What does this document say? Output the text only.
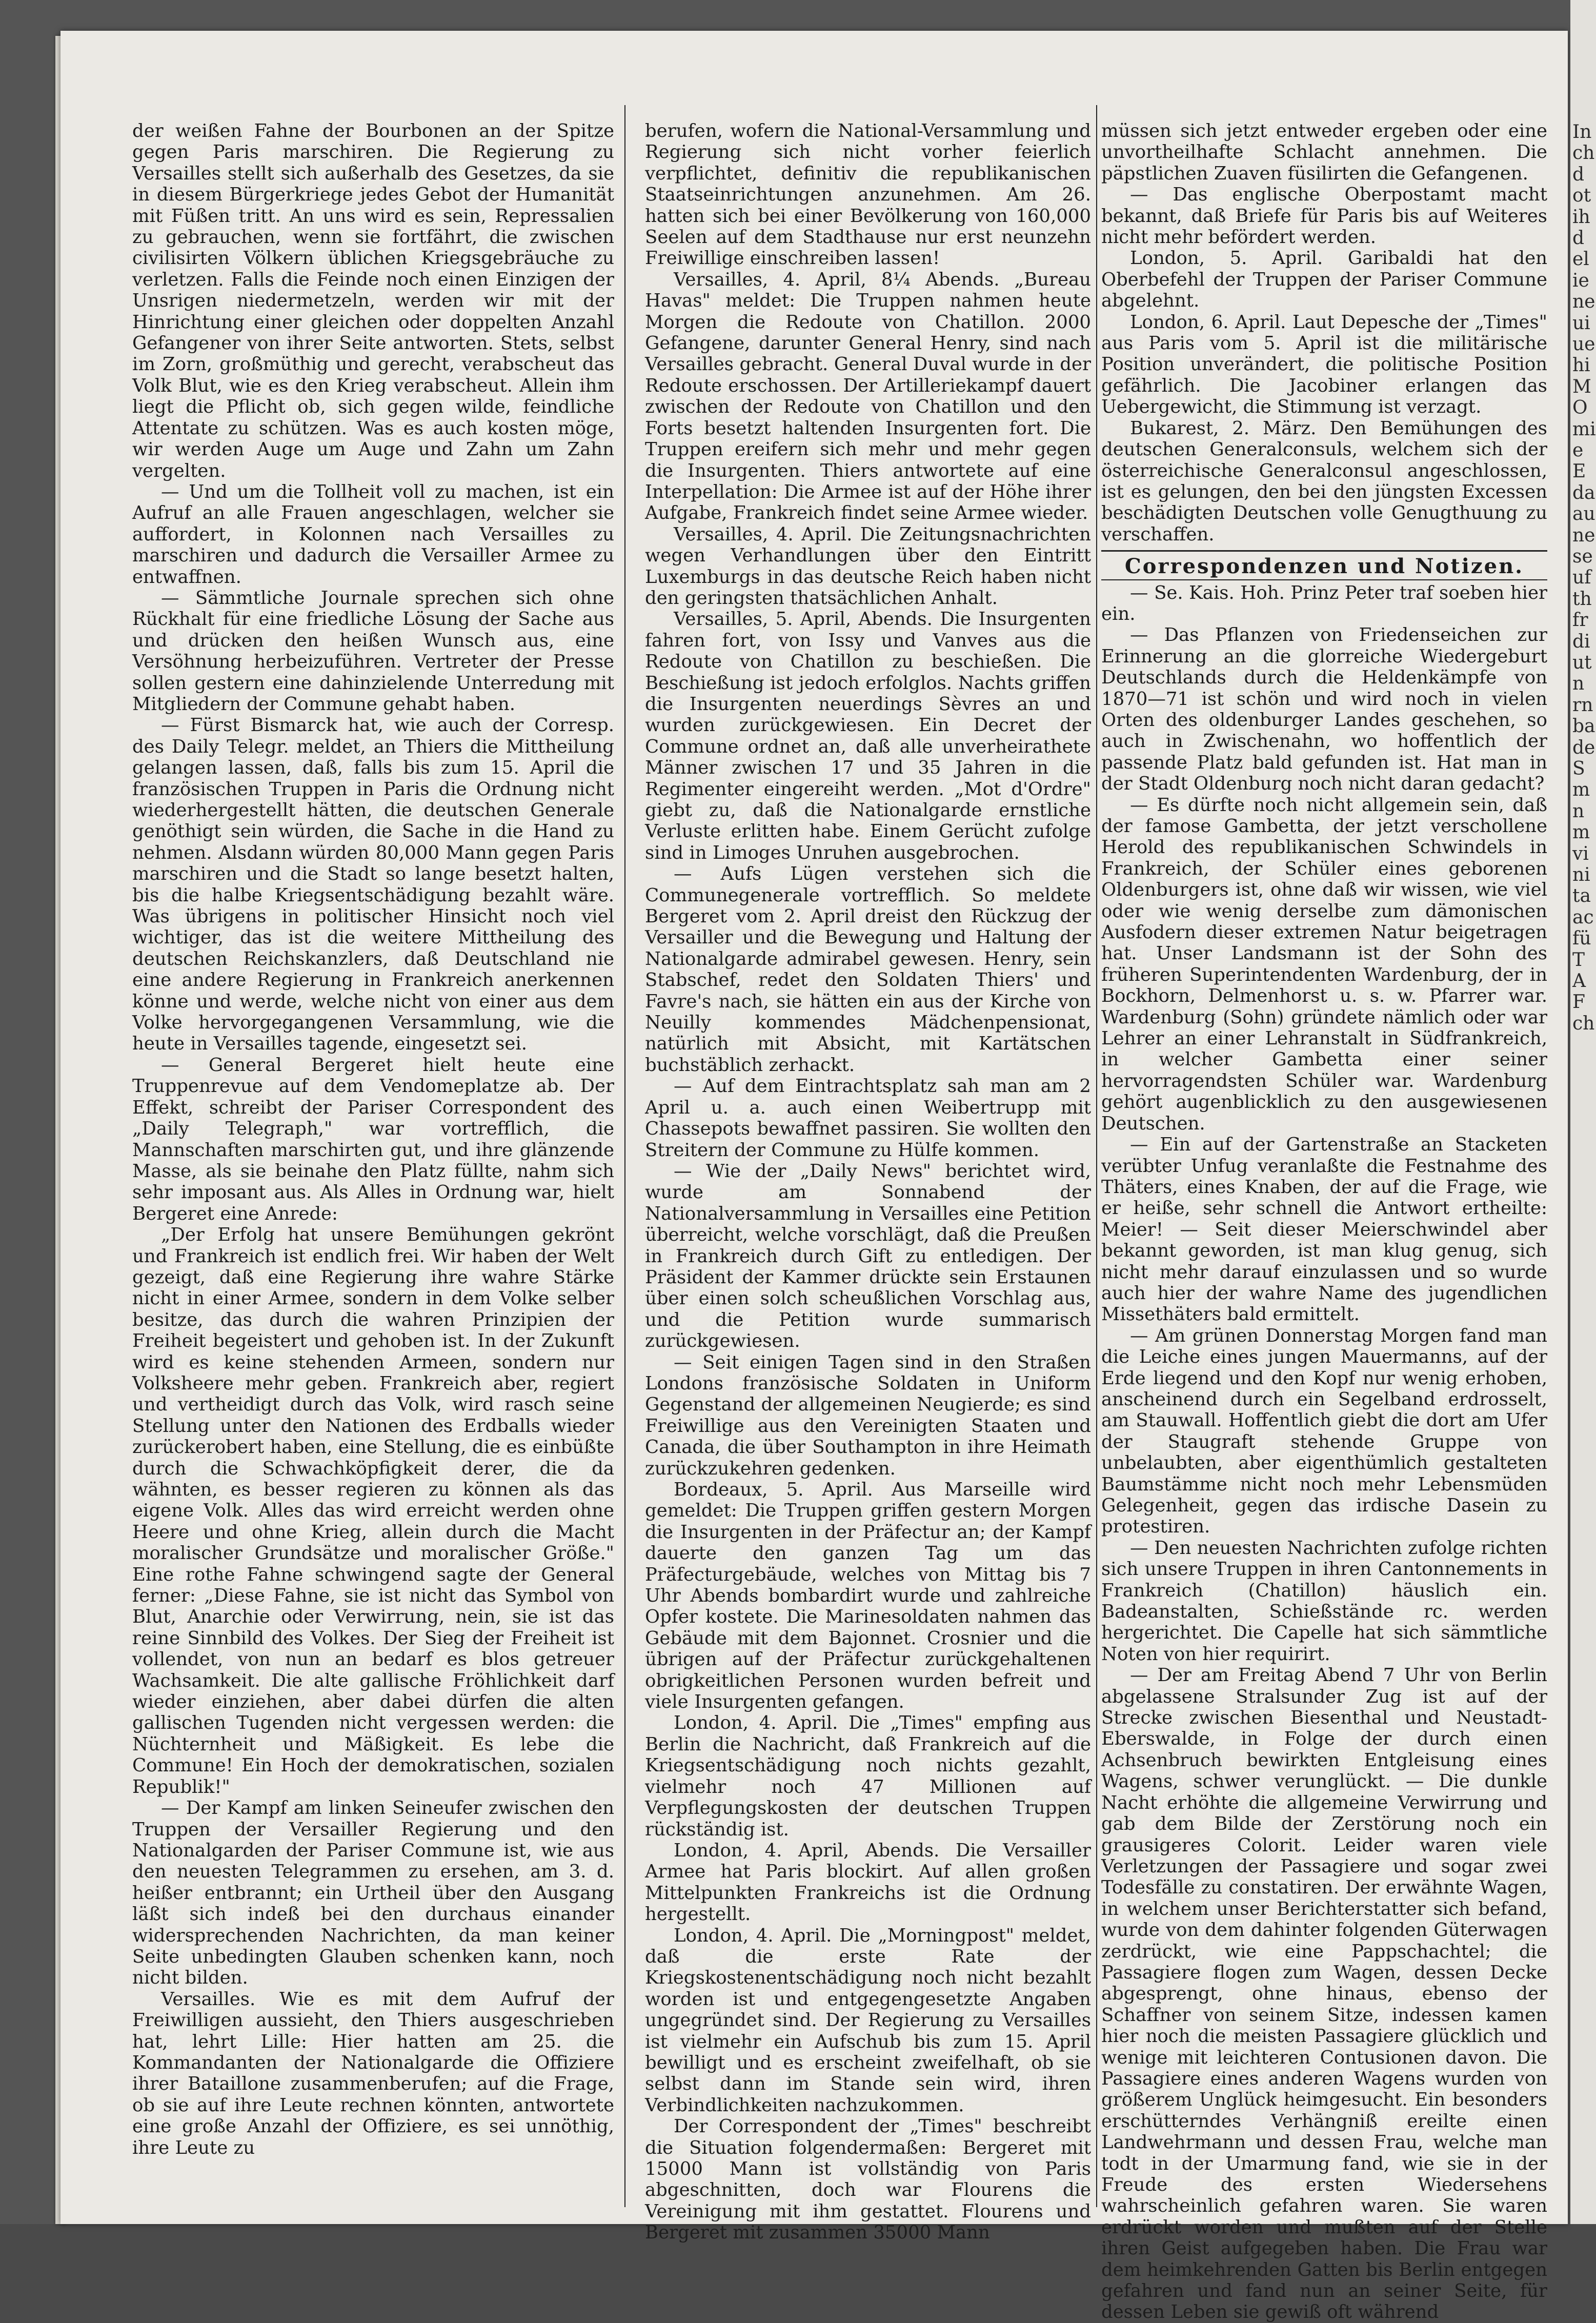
In
ch
d
ot
ih
d
el
ie
ne
ui
ue
hi
M
O
mi
e
E
da
au
ne
se
uf
th
fr
di
ut
n
rn
ba
de
S
m
n
m
vi
ni
ta
ac
fü
T
A
F
ch

der weißen Fahne der Bourbonen an der Spitze gegen Paris marschiren. Die Regierung zu Versailles stellt sich außerhalb des Gesetzes, da sie in diesem Bürgerkriege jedes Gebot der Humanität mit Füßen tritt. An uns wird es sein, Repressalien zu gebrauchen, wenn sie fortfährt, die zwischen civilisirten Völkern üblichen Kriegsgebräuche zu verletzen. Falls die Feinde noch einen Einzigen der Unsrigen niedermetzeln, werden wir mit der Hinrichtung einer gleichen oder doppelten Anzahl Gefangener von ihrer Seite antworten. Stets, selbst im Zorn, großmüthig und gerecht, verabscheut das Volk Blut, wie es den Krieg verabscheut. Allein ihm liegt die Pflicht ob, sich gegen wilde, feindliche Attentate zu schützen. Was es auch kosten möge, wir werden Auge um Auge und Zahn um Zahn vergelten.

— Und um die Tollheit voll zu machen, ist ein Aufruf an alle Frauen angeschlagen, welcher sie auffordert, in Kolonnen nach Versailles zu marschiren und dadurch die Versailler Armee zu entwaffnen.

— Sämmtliche Journale sprechen sich ohne Rückhalt für eine friedliche Lösung der Sache aus und drücken den heißen Wunsch aus, eine Versöhnung herbeizuführen. Vertreter der Presse sollen gestern eine dahinzielende Unterredung mit Mitgliedern der Commune gehabt haben.

— Fürst Bismarck hat, wie auch der Corresp. des Daily Telegr. meldet, an Thiers die Mittheilung gelangen lassen, daß, falls bis zum 15. April die französischen Truppen in Paris die Ordnung nicht wiederhergestellt hätten, die deutschen Generale genöthigt sein würden, die Sache in die Hand zu nehmen. Alsdann würden 80,000 Mann gegen Paris marschiren und die Stadt so lange besetzt halten, bis die halbe Kriegsentschädigung bezahlt wäre. Was übrigens in politischer Hinsicht noch viel wichtiger, das ist die weitere Mittheilung des deutschen Reichskanzlers, daß Deutschland nie eine andere Regierung in Frankreich anerkennen könne und werde, welche nicht von einer aus dem Volke hervorgegangenen Versammlung, wie die heute in Versailles tagende, eingesetzt sei.

— General Bergeret hielt heute eine Truppenrevue auf dem Vendomeplatze ab. Der Effekt, schreibt der Pariser Correspondent des „Daily Telegraph," war vortrefflich, die Mannschaften marschirten gut, und ihre glänzende Masse, als sie beinahe den Platz füllte, nahm sich sehr imposant aus. Als Alles in Ordnung war, hielt Bergeret eine Anrede:

„Der Erfolg hat unsere Bemühungen gekrönt und Frankreich ist endlich frei. Wir haben der Welt gezeigt, daß eine Regierung ihre wahre Stärke nicht in einer Armee, sondern in dem Volke selber besitze, das durch die wahren Prinzipien der Freiheit begeistert und gehoben ist. In der Zukunft wird es keine stehenden Armeen, sondern nur Volksheere mehr geben. Frankreich aber, regiert und vertheidigt durch das Volk, wird rasch seine Stellung unter den Nationen des Erdballs wieder zurückerobert haben, eine Stellung, die es einbüßte durch die Schwachköpfigkeit derer, die da wähnten, es besser regieren zu können als das eigene Volk. Alles das wird erreicht werden ohne Heere und ohne Krieg, allein durch die Macht moralischer Grundsätze und moralischer Größe." Eine rothe Fahne schwingend sagte der General ferner: „Diese Fahne, sie ist nicht das Symbol von Blut, Anarchie oder Verwirrung, nein, sie ist das reine Sinnbild des Volkes. Der Sieg der Freiheit ist vollendet, von nun an bedarf es blos getreuer Wachsamkeit. Die alte gallische Fröhlichkeit darf wieder einziehen, aber dabei dürfen die alten gallischen Tugenden nicht vergessen werden: die Nüchternheit und Mäßigkeit. Es lebe die Commune! Ein Hoch der demokratischen, sozialen Republik!"

— Der Kampf am linken Seineufer zwischen den Truppen der Versailler Regierung und den Nationalgarden der Pariser Commune ist, wie aus den neuesten Telegrammen zu ersehen, am 3. d. heißer entbrannt; ein Urtheil über den Ausgang läßt sich indeß bei den durchaus einander widersprechenden Nachrichten, da man keiner Seite unbedingten Glauben schenken kann, noch nicht bilden.

Versailles. Wie es mit dem Aufruf der Freiwilligen aussieht, den Thiers ausgeschrieben hat, lehrt Lille: Hier hatten am 25. die Kommandanten der Nationalgarde die Offiziere ihrer Bataillone zusammenberufen; auf die Frage, ob sie auf ihre Leute rechnen könnten, antwortete eine große Anzahl der Offiziere, es sei unnöthig, ihre Leute zu

berufen, wofern die National-Versammlung und Regierung sich nicht vorher feierlich verpflichtet, definitiv die republikanischen Staatseinrichtungen anzunehmen. Am 26. hatten sich bei einer Bevölkerung von 160,000 Seelen auf dem Stadthause nur erst neunzehn Freiwillige einschreiben lassen!

Versailles, 4. April, 8¼ Abends. „Bureau Havas" meldet: Die Truppen nahmen heute Morgen die Redoute von Chatillon. 2000 Gefangene, darunter General Henry, sind nach Versailles gebracht. General Duval wurde in der Redoute erschossen. Der Artilleriekampf dauert zwischen der Redoute von Chatillon und den Forts besetzt haltenden Insurgenten fort. Die Truppen ereifern sich mehr und mehr gegen die Insurgenten. Thiers antwortete auf eine Interpellation: Die Armee ist auf der Höhe ihrer Aufgabe, Frankreich findet seine Armee wieder.

Versailles, 4. April. Die Zeitungsnachrichten wegen Verhandlungen über den Eintritt Luxemburgs in das deutsche Reich haben nicht den geringsten thatsächlichen Anhalt.

Versailles, 5. April, Abends. Die Insurgenten fahren fort, von Issy und Vanves aus die Redoute von Chatillon zu beschießen. Die Beschießung ist jedoch erfolglos. Nachts griffen die Insurgenten neuerdings Sèvres an und wurden zurückgewiesen. Ein Decret der Commune ordnet an, daß alle unverheirathete Männer zwischen 17 und 35 Jahren in die Regimenter eingereiht werden. „Mot d'Ordre" giebt zu, daß die Nationalgarde ernstliche Verluste erlitten habe. Einem Gerücht zufolge sind in Limoges Unruhen ausgebrochen.

— Aufs Lügen verstehen sich die Communegenerale vortrefflich. So meldete Bergeret vom 2. April dreist den Rückzug der Versailler und die Bewegung und Haltung der Nationalgarde admirabel gewesen. Henry, sein Stabschef, redet den Soldaten Thiers' und Favre's nach, sie hätten ein aus der Kirche von Neuilly kommendes Mädchenpensionat, natürlich mit Absicht, mit Kartätschen buchstäblich zerhackt.

— Auf dem Eintrachtsplatz sah man am 2 April u. a. auch einen Weibertrupp mit Chassepots bewaffnet passiren. Sie wollten den Streitern der Commune zu Hülfe kommen.

— Wie der „Daily News" berichtet wird, wurde am Sonnabend der Nationalversammlung in Versailles eine Petition überreicht, welche vorschlägt, daß die Preußen in Frankreich durch Gift zu entledigen. Der Präsident der Kammer drückte sein Erstaunen über einen solch scheußlichen Vorschlag aus, und die Petition wurde summarisch zurückgewiesen.

— Seit einigen Tagen sind in den Straßen Londons französische Soldaten in Uniform Gegenstand der allgemeinen Neugierde; es sind Freiwillige aus den Vereinigten Staaten und Canada, die über Southampton in ihre Heimath zurückzukehren gedenken.

Bordeaux, 5. April. Aus Marseille wird gemeldet: Die Truppen griffen gestern Morgen die Insurgenten in der Präfectur an; der Kampf dauerte den ganzen Tag um das Präfecturgebäude, welches von Mittag bis 7 Uhr Abends bombardirt wurde und zahlreiche Opfer kostete. Die Marinesoldaten nahmen das Gebäude mit dem Bajonnet. Crosnier und die übrigen auf der Präfectur zurückgehaltenen obrigkeitlichen Personen wurden befreit und viele Insurgenten gefangen.

London, 4. April. Die „Times" empfing aus Berlin die Nachricht, daß Frankreich auf die Kriegsentschädigung noch nichts gezahlt, vielmehr noch 47 Millionen auf Verpflegungskosten der deutschen Truppen rückständig ist.

London, 4. April, Abends. Die Versailler Armee hat Paris blockirt. Auf allen großen Mittelpunkten Frankreichs ist die Ordnung hergestellt.

London, 4. April. Die „Morningpost" meldet, daß die erste Rate der Kriegskostenentschädigung noch nicht bezahlt worden ist und entgegengesetzte Angaben ungegründet sind. Der Regierung zu Versailles ist vielmehr ein Aufschub bis zum 15. April bewilligt und es erscheint zweifelhaft, ob sie selbst dann im Stande sein wird, ihren Verbindlichkeiten nachzukommen.

Der Correspondent der „Times" beschreibt die Situation folgendermaßen: Bergeret mit 15000 Mann ist vollständig von Paris abgeschnitten, doch war Flourens die Vereinigung mit ihm gestattet. Flourens und Bergeret mit zusammen 35000 Mann

müssen sich jetzt entweder ergeben oder eine unvortheilhafte Schlacht annehmen. Die päpstlichen Zuaven füsilirten die Gefangenen.

— Das englische Oberpostamt macht bekannt, daß Briefe für Paris bis auf Weiteres nicht mehr befördert werden.

London, 5. April. Garibaldi hat den Oberbefehl der Truppen der Pariser Commune abgelehnt.

London, 6. April. Laut Depesche der „Times" aus Paris vom 5. April ist die militärische Position unverändert, die politische Position gefährlich. Die Jacobiner erlangen das Uebergewicht, die Stimmung ist verzagt.

Bukarest, 2. März. Den Bemühungen des deutschen Generalconsuls, welchem sich der österreichische Generalconsul angeschlossen, ist es gelungen, den bei den jüngsten Excessen beschädigten Deutschen volle Genugthuung zu verschaffen.

Correspondenzen und Notizen.

— Se. Kais. Hoh. Prinz Peter traf soeben hier ein.

— Das Pflanzen von Friedenseichen zur Erinnerung an die glorreiche Wiedergeburt Deutschlands durch die Heldenkämpfe von 1870—71 ist schön und wird noch in vielen Orten des oldenburger Landes geschehen, so auch in Zwischenahn, wo hoffentlich der passende Platz bald gefunden ist. Hat man in der Stadt Oldenburg noch nicht daran gedacht?

— Es dürfte noch nicht allgemein sein, daß der famose Gambetta, der jetzt verschollene Herold des republikanischen Schwindels in Frankreich, der Schüler eines geborenen Oldenburgers ist, ohne daß wir wissen, wie viel oder wie wenig derselbe zum dämonischen Ausfodern dieser extremen Natur beigetragen hat. Unser Landsmann ist der Sohn des früheren Superintendenten Wardenburg, der in Bockhorn, Delmenhorst u. s. w. Pfarrer war. Wardenburg (Sohn) gründete nämlich oder war Lehrer an einer Lehranstalt in Südfrankreich, in welcher Gambetta einer seiner hervorragendsten Schüler war. Wardenburg gehört augenblicklich zu den ausgewiesenen Deutschen.

— Ein auf der Gartenstraße an Stacketen verübter Unfug veranlaßte die Festnahme des Thäters, eines Knaben, der auf die Frage, wie er heiße, sehr schnell die Antwort ertheilte: Meier! — Seit dieser Meierschwindel aber bekannt geworden, ist man klug genug, sich nicht mehr darauf einzulassen und so wurde auch hier der wahre Name des jugendlichen Missethäters bald ermittelt.

— Am grünen Donnerstag Morgen fand man die Leiche eines jungen Mauermanns, auf der Erde liegend und den Kopf nur wenig erhoben, anscheinend durch ein Segelband erdrosselt, am Stauwall. Hoffentlich giebt die dort am Ufer der Staugraft stehende Gruppe von unbelaubten, aber eigenthümlich gestalteten Baumstämme nicht noch mehr Lebensmüden Gelegenheit, gegen das irdische Dasein zu protestiren.

— Den neuesten Nachrichten zufolge richten sich unsere Truppen in ihren Cantonnements in Frankreich (Chatillon) häuslich ein. Badeanstalten, Schießstände rc. werden hergerichtet. Die Capelle hat sich sämmtliche Noten von hier requirirt.

— Der am Freitag Abend 7 Uhr von Berlin abgelassene Stralsunder Zug ist auf der Strecke zwischen Biesenthal und Neustadt-Eberswalde, in Folge der durch einen Achsenbruch bewirkten Entgleisung eines Wagens, schwer verunglückt. — Die dunkle Nacht erhöhte die allgemeine Verwirrung und gab dem Bilde der Zerstörung noch ein grausigeres Colorit. Leider waren viele Verletzungen der Passagiere und sogar zwei Todesfälle zu constatiren. Der erwähnte Wagen, in welchem unser Berichterstatter sich befand, wurde von dem dahinter folgenden Güterwagen zerdrückt, wie eine Pappschachtel; die Passagiere flogen zum Wagen, dessen Decke abgesprengt, ohne hinaus, ebenso der Schaffner von seinem Sitze, indessen kamen hier noch die meisten Passagiere glücklich und wenige mit leichteren Contusionen davon. Die Passagiere eines anderen Wagens wurden von größerem Unglück heimgesucht. Ein besonders erschütterndes Verhängniß ereilte einen Landwehrmann und dessen Frau, welche man todt in der Umarmung fand, wie sie in der Freude des ersten Wiedersehens wahrscheinlich gefahren waren. Sie waren erdrückt worden und mußten auf der Stelle ihren Geist aufgegeben haben. Die Frau war dem heimkehrenden Gatten bis Berlin entgegen gefahren und fand nun an seiner Seite, für dessen Leben sie gewiß oft während
